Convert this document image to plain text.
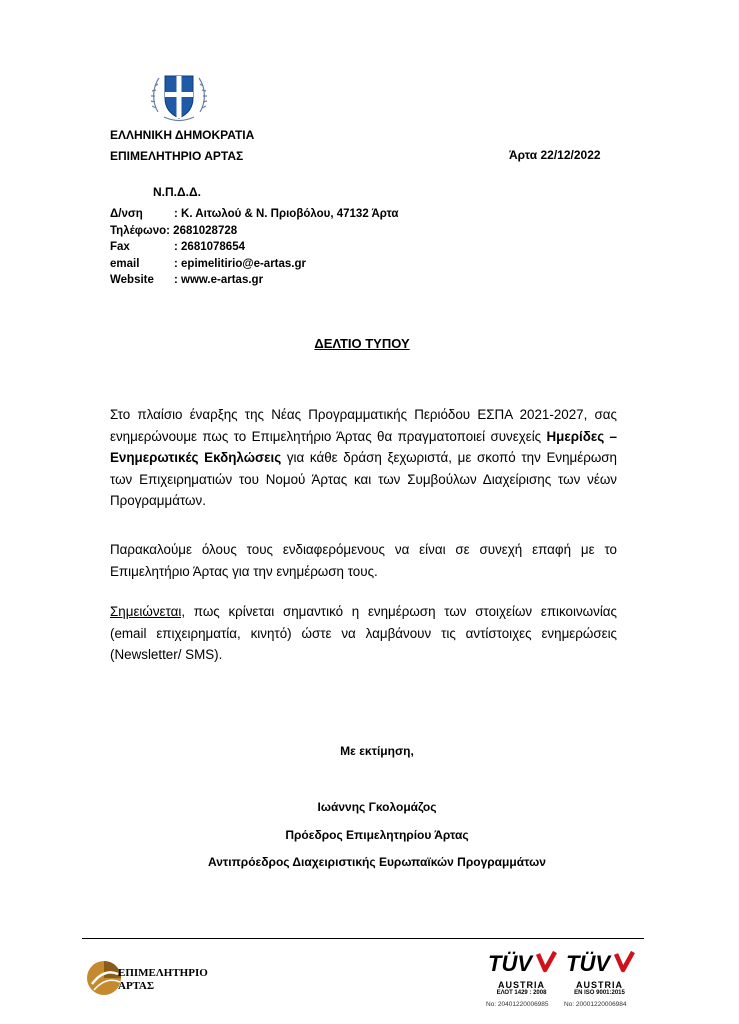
ΕΛΛΗΝΙΚΗ ΔΗΜΟΚΡΑΤΙΑ
ΕΠΙΜΕΛΗΤΗΡΙΟ ΑΡΤΑΣ	Άρτα 22/12/2022
Ν.Π.Δ.Δ.
Δ/νση	: Κ. Αιτωλού & Ν. Πριοβόλου, 47132 Άρτα
Τηλέφωνο : 2681028728
Fax	: 2681078654
email	: epimelitirio@e-artas.gr
Website	: www.e-artas.gr
ΔΕΛΤΙΟ ΤΥΠΟΥ

Στο πλαίσιο έναρξης της Νέας Προγραμματικής Περιόδου ΕΣΠΑ 2021-2027, σας ενημερώνουμε πως το Επιμελητήριο Άρτας θα πραγματοποιεί συνεχείς Ημερίδες – Ενημερωτικές Εκδηλώσεις για κάθε δράση ξεχωριστά, με σκοπό την Ενημέρωση των Επιχειρηματιών του Νομού Άρτας και των Συμβούλων Διαχείρισης των νέων Προγραμμάτων.

Παρακαλούμε όλους τους ενδιαφερόμενους να είναι σε συνεχή επαφή με το Επιμελητήριο Άρτας για την ενημέρωση τους.

Σημειώνεται, πως κρίνεται σημαντικό η ενημέρωση των στοιχείων επικοινωνίας (email επιχειρηματία, κινητό) ώστε να λαμβάνουν τις αντίστοιχες ενημερώσεις (Newsletter/ SMS).

Με εκτίμηση,
Ιωάννης Γκολομάζος
Πρόεδρος Επιμελητηρίου Άρτας
Αντιπρόεδρος Διαχειριστικής Ευρωπαϊκών Προγραμμάτων
ΕΠΙΜΕΛΗΤΗΡΙΟ
ΑΡΤΑΣ
TÜV
AUSTRIA
ΕΛΟΤ 1429 : 2008
No: 20401220006985
TÜV
AUSTRIA
EN ISO 9001:2015
No: 20001220006984
